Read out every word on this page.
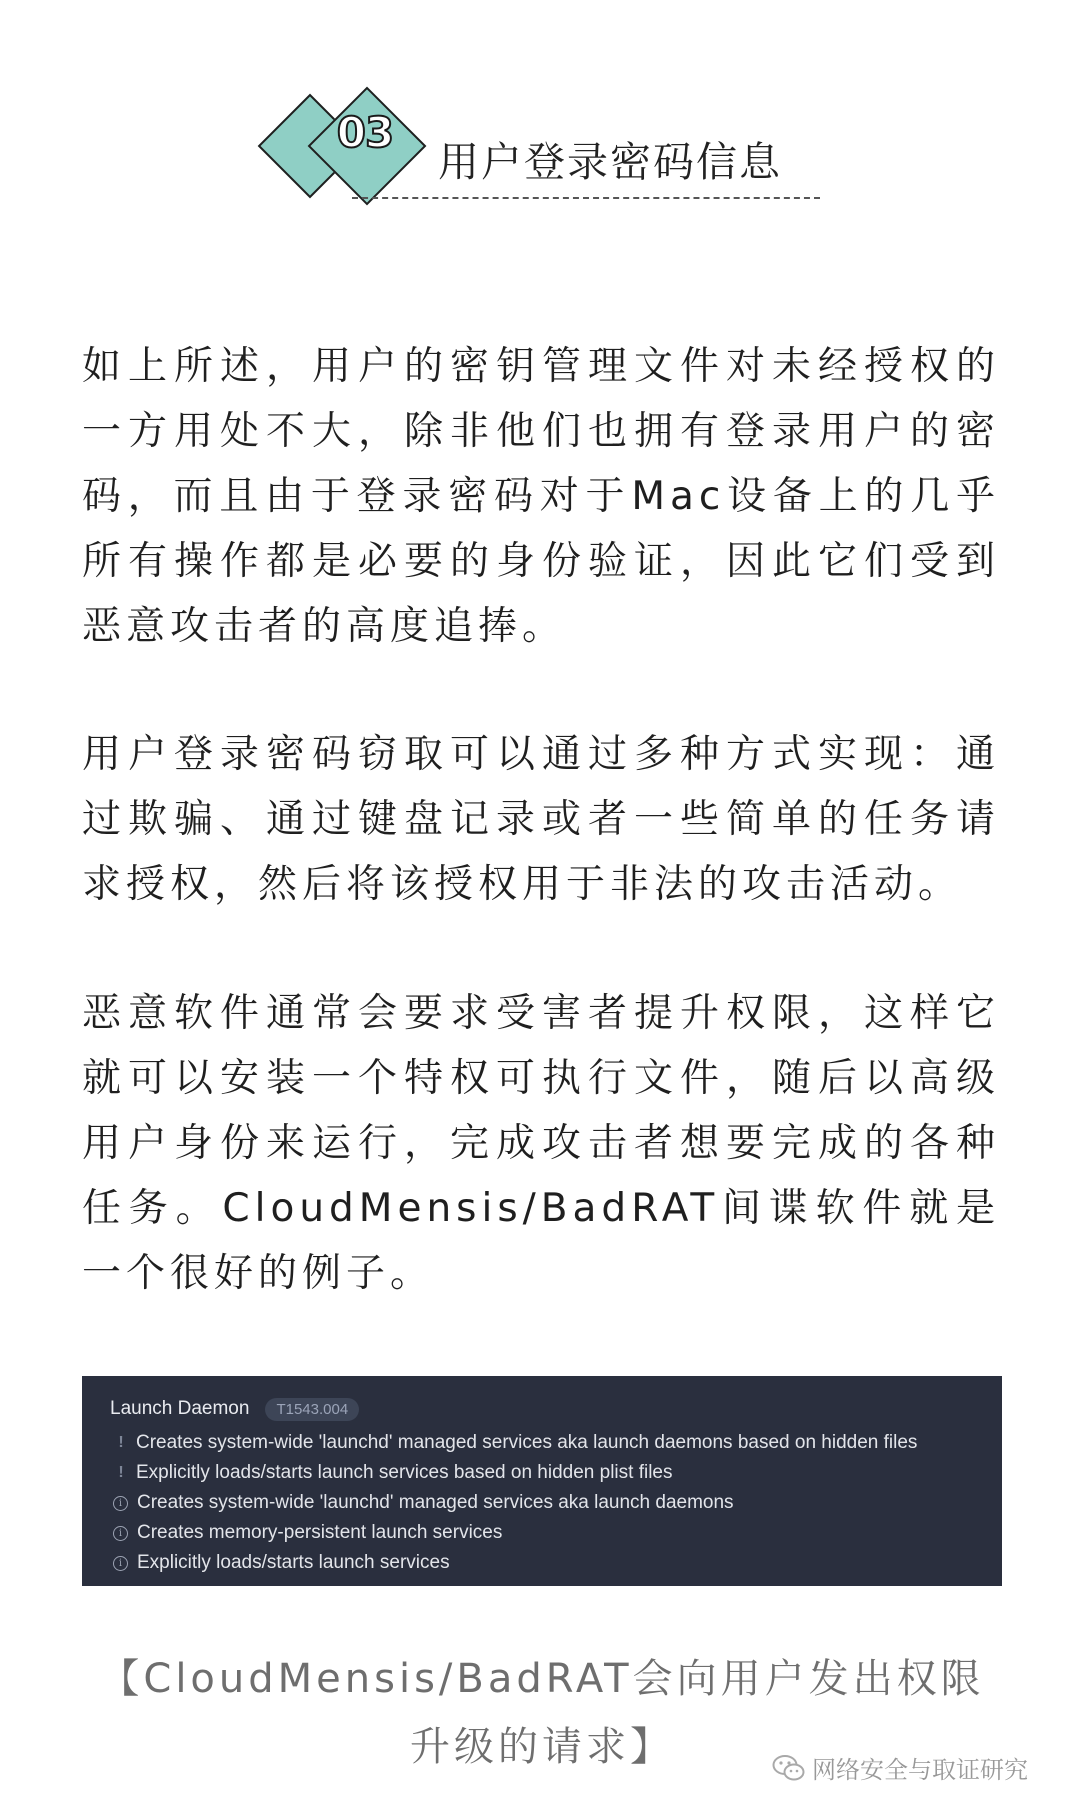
03
用户登录密码信息

如上所述，用户的密钥管理文件对未经授权的一方用处不大，除非他们也拥有登录用户的密码，而且由于登录密码对于Mac设备上的几乎所有操作都是必要的身份验证，因此它们受到恶意攻击者的高度追捧。

用户登录密码窃取可以通过多种方式实现：通过欺骗、通过键盘记录或者一些简单的任务请求授权，然后将该授权用于非法的攻击活动。

恶意软件通常会要求受害者提升权限，这样它就可以安装一个特权可执行文件，随后以高级用户身份来运行，完成攻击者想要完成的各种任务。CloudMensis/BadRAT间谍软件就是一个很好的例子。

Launch Daemon	T1543.004
! Creates system-wide 'launchd' managed services aka launch daemons based on hidden files
! Explicitly loads/starts launch services based on hidden plist files
i Creates system-wide 'launchd' managed services aka launch daemons
i Creates memory-persistent launch services
i Explicitly loads/starts launch services

【CloudMensis/BadRAT会向用户发出权限

升级的请求】	网络安全与取证研究
